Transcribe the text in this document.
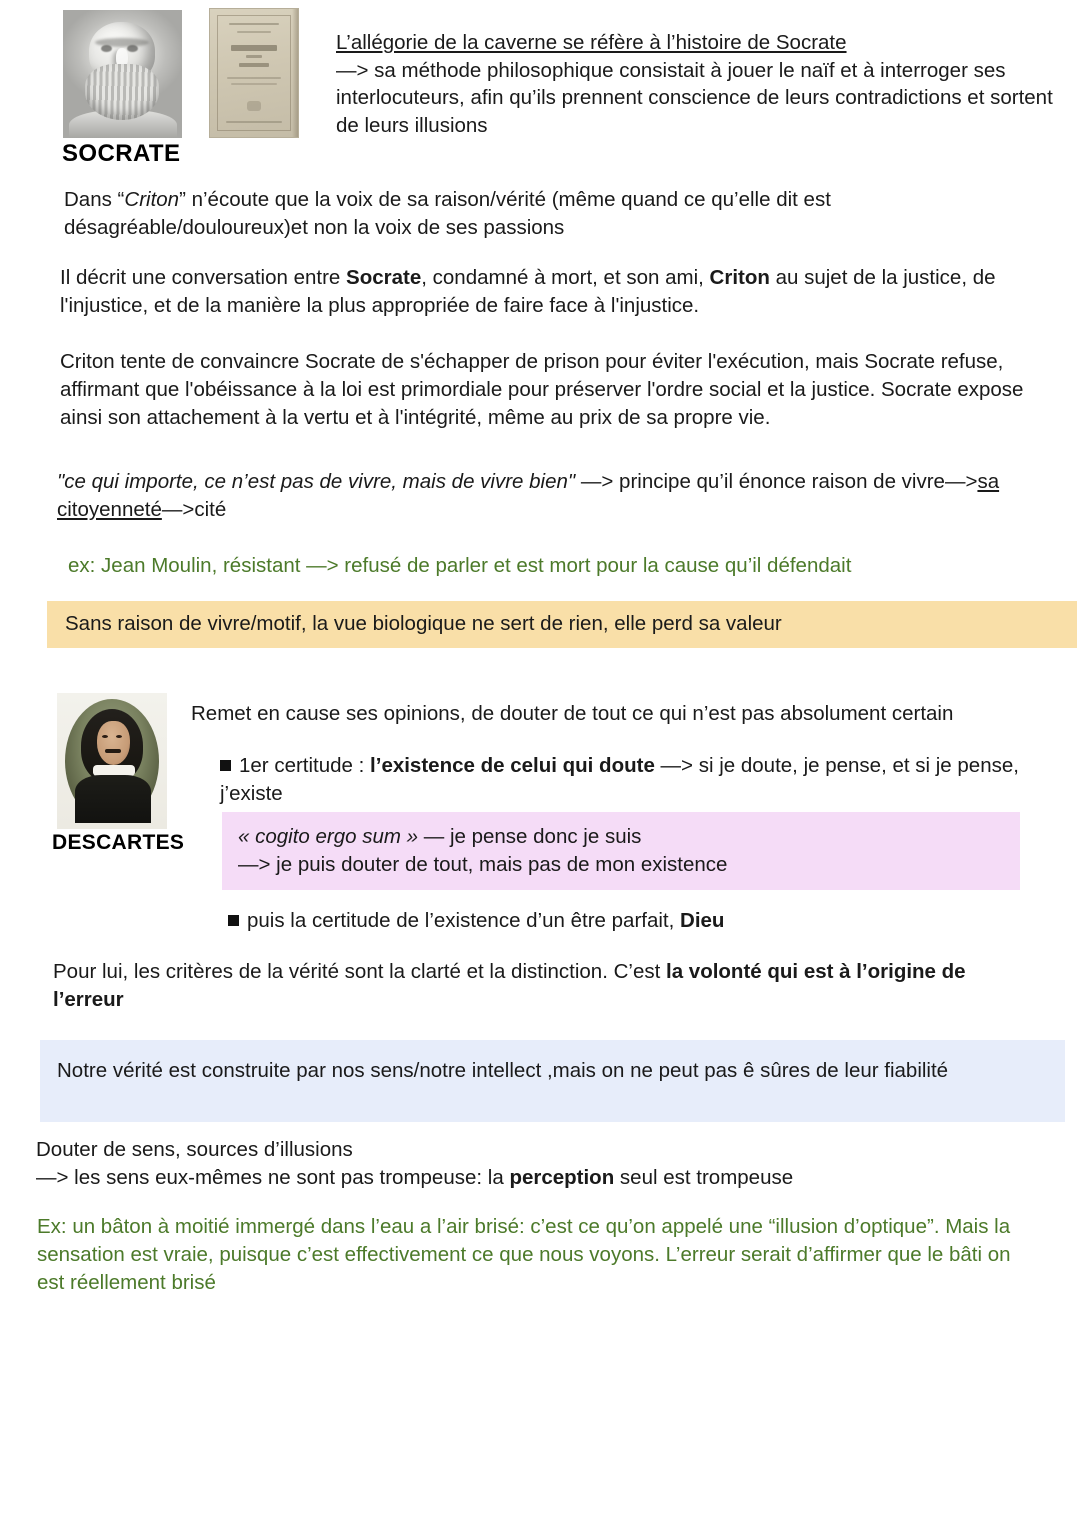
SOCRATE
L’allégorie de la caverne se réfère à l’histoire de Socrate
—> sa méthode philosophique consistait à jouer le naïf et à interroger ses interlocuteurs, afin qu’ils prennent conscience de leurs contradictions et sortent de leurs illusions
Dans “Criton” n’écoute que la voix de sa raison/vérité (même quand ce qu’elle dit est désagréable/douloureux)et non la voix de ses passions
Il décrit une conversation entre Socrate, condamné à mort, et son ami, Criton au sujet de la justice, de l'injustice, et de la manière la plus appropriée de faire face à l'injustice.
Criton tente de convaincre Socrate de s'échapper de prison pour éviter l'exécution, mais Socrate refuse, affirmant que l'obéissance à la loi est primordiale pour préserver l'ordre social et la justice. Socrate expose ainsi son attachement à la vertu et à l'intégrité, même au prix de sa propre vie.
"ce qui importe, ce n’est pas de vivre, mais de vivre bien" —> principe qu’il énonce raison de vivre—>sa citoyenneté—>cité
ex: Jean Moulin, résistant —> refusé de parler et est mort pour la cause qu’il défendait
Sans raison de vivre/motif, la vue biologique ne sert de rien, elle perd sa valeur
DESCARTES
Remet en cause ses opinions, de douter de tout ce qui n’est pas absolument certain
1er certitude : l’existence de celui qui doute —> si je doute, je pense, et si je pense, j’existe
« cogito ergo sum » — je pense donc je suis
—> je puis douter de tout, mais pas de mon existence
puis la certitude de l’existence d’un être parfait, Dieu
Pour lui, les critères de la vérité sont la clarté et la distinction. C’est la volonté qui est à l’origine de l’erreur
Notre vérité est construite par nos sens/notre intellect ,mais on ne peut pas ê sûres de leur fiabilité
Douter de sens, sources d’illusions
—> les sens eux-mêmes ne sont pas trompeuse: la perception seul est trompeuse
Ex: un bâton à moitié immergé dans l’eau a l’air brisé: c’est ce qu’on appelé une “illusion d’optique”. Mais la sensation est vraie, puisque c’est effectivement ce que nous voyons. L’erreur serait d’affirmer que le bâti on est réellement brisé
